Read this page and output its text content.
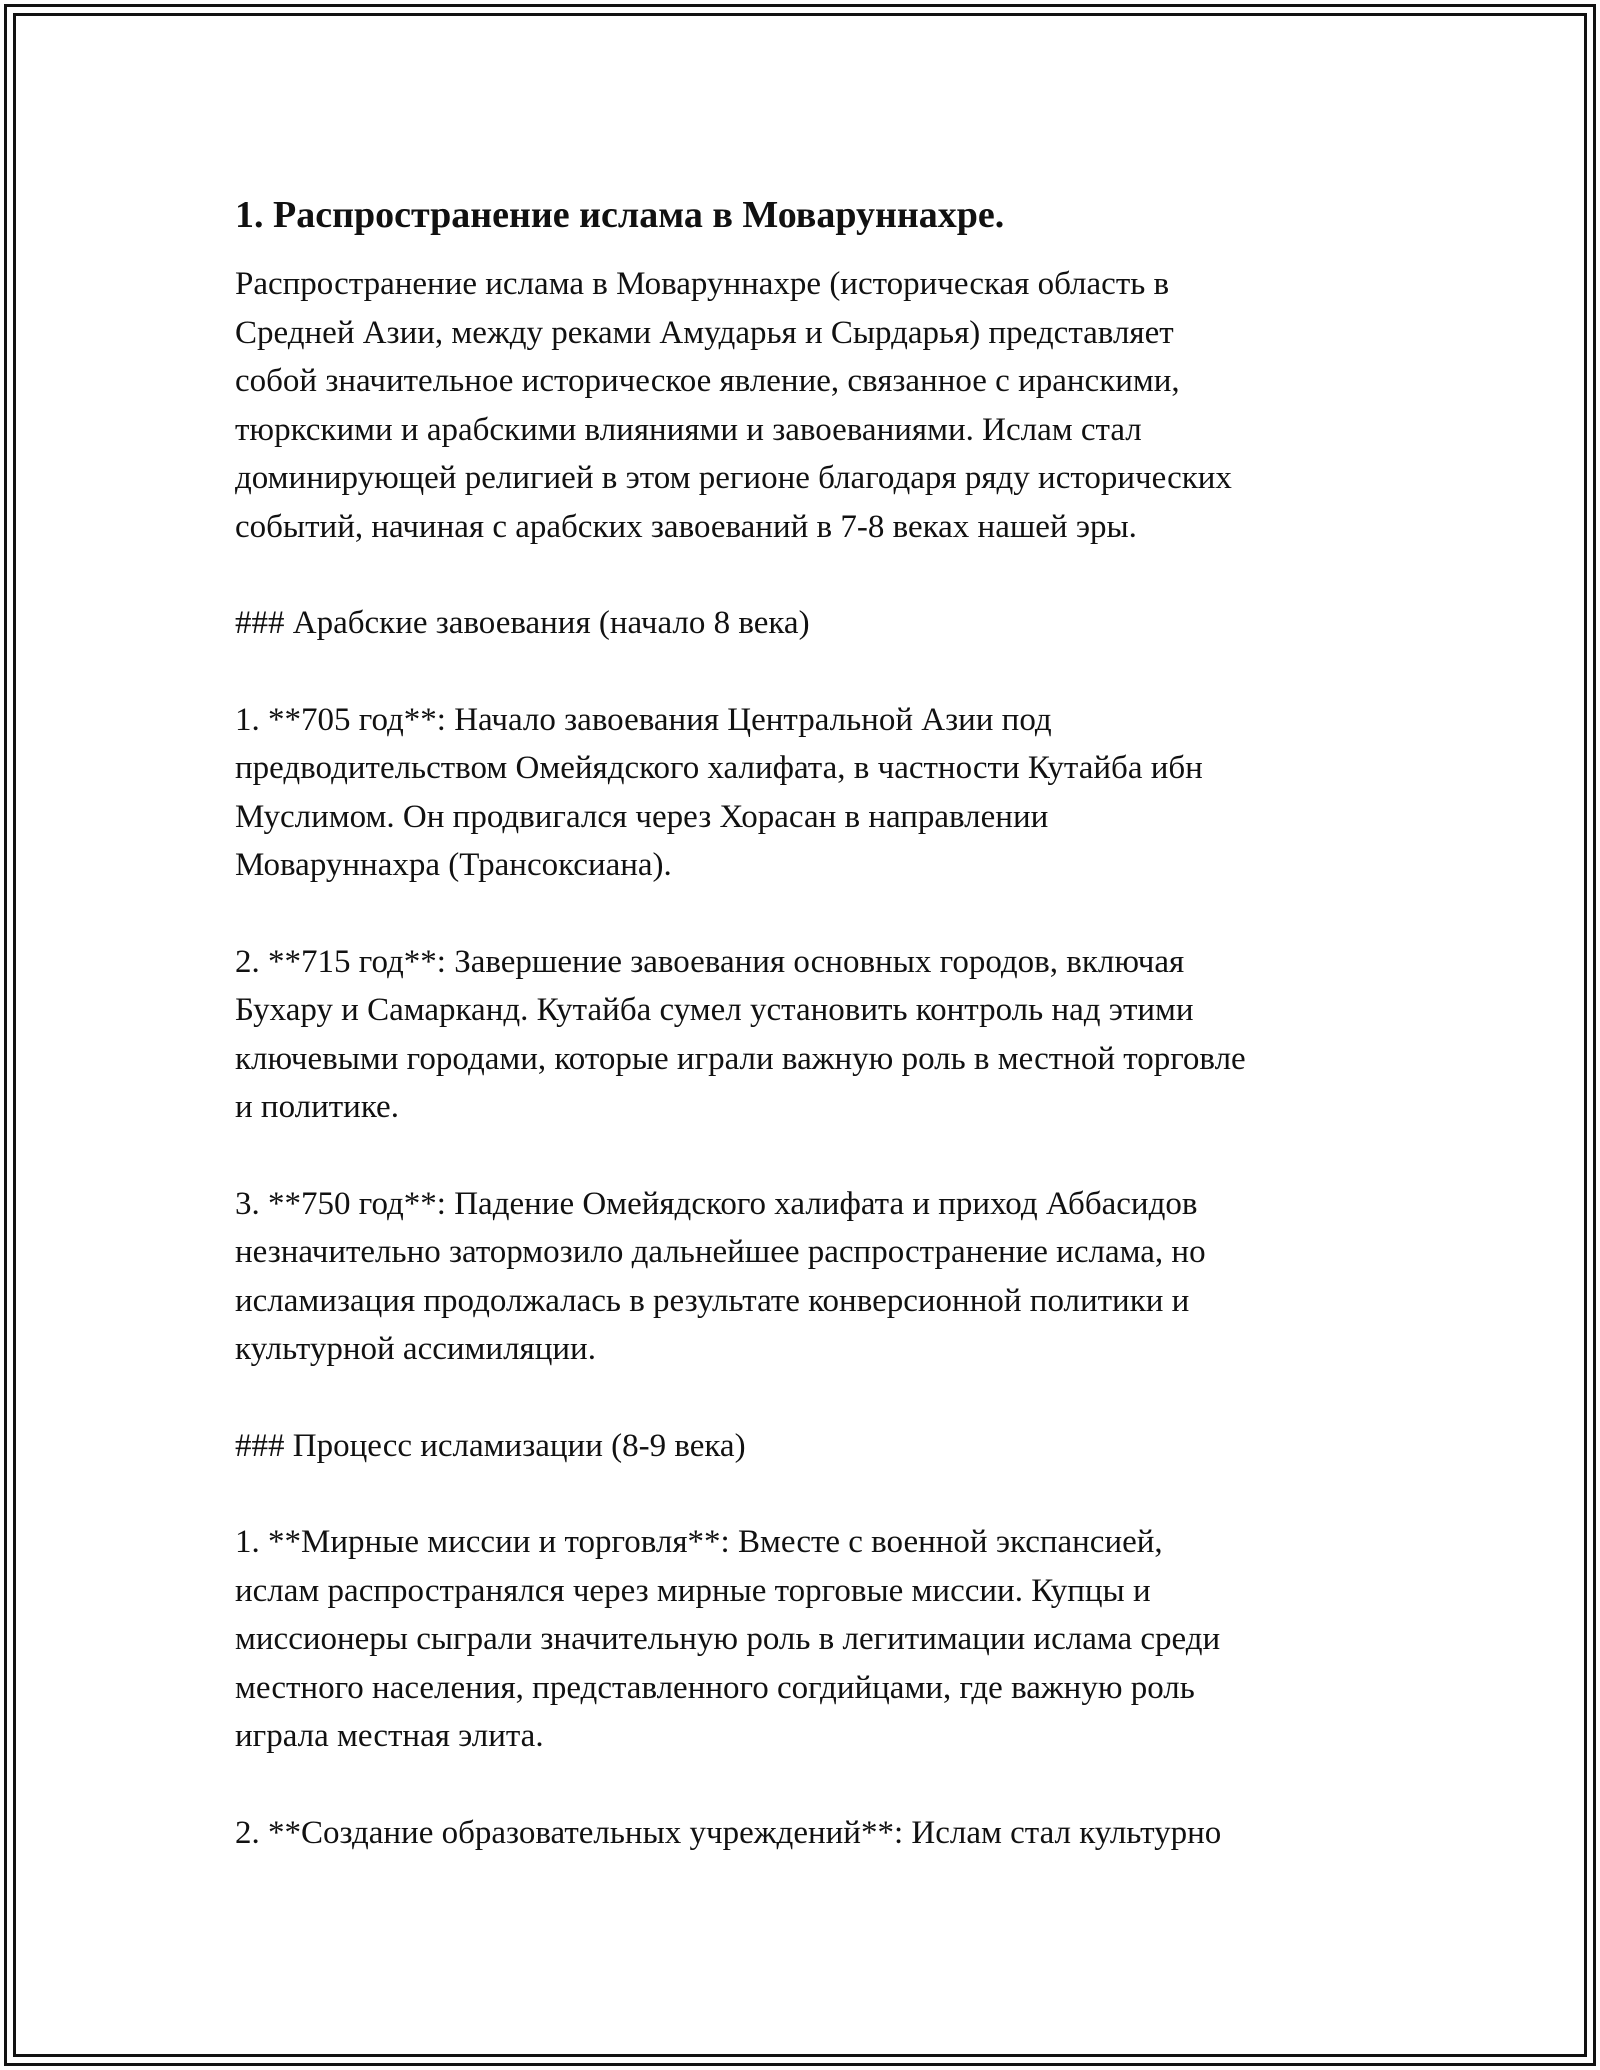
1. Распространение ислама в Моваруннахре.

Распространение ислама в Моваруннахре (историческая область в
Средней Азии, между реками Амударья и Сырдарья) представляет
собой значительное историческое явление, связанное с иранскими,
тюркскими и арабскими влияниями и завоеваниями. Ислам стал
доминирующей религией в этом регионе благодаря ряду исторических
событий, начиная с арабских завоеваний в 7-8 веках нашей эры.

### Арабские завоевания (начало 8 века)

1. **705 год**: Начало завоевания Центральной Азии под
предводительством Омейядского халифата, в частности Кутайба ибн
Муслимом. Он продвигался через Хорасан в направлении
Моваруннахра (Трансоксиана).

2. **715 год**: Завершение завоевания основных городов, включая
Бухару и Самарканд. Кутайба сумел установить контроль над этими
ключевыми городами, которые играли важную роль в местной торговле
и политике.

3. **750 год**: Падение Омейядского халифата и приход Аббасидов
незначительно затормозило дальнейшее распространение ислама, но
исламизация продолжалась в результате конверсионной политики и
культурной ассимиляции.

### Процесс исламизации (8-9 века)

1. **Мирные миссии и торговля**: Вместе с военной экспансией,
ислам распространялся через мирные торговые миссии. Купцы и
миссионеры сыграли значительную роль в легитимации ислама среди
местного населения, представленного согдийцами, где важную роль
играла местная элита.

2. **Создание образовательных учреждений**: Ислам стал культурно
